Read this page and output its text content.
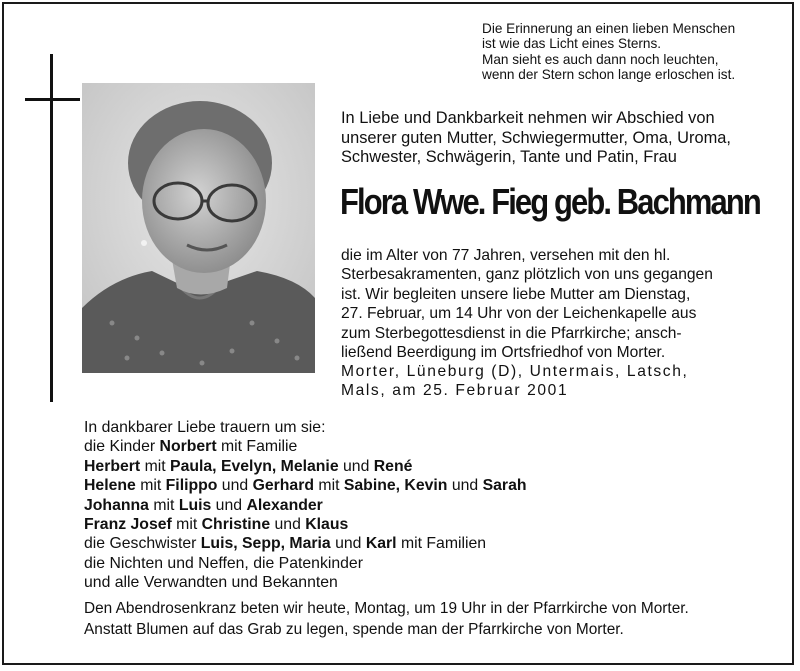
Die Erinnerung an einen lieben Menschen
ist wie das Licht eines Sterns.
Man sieht es auch dann noch leuchten,
wenn der Stern schon lange erloschen ist.
In Liebe und Dankbarkeit nehmen wir Abschied von
unserer guten Mutter, Schwiegermutter, Oma, Uroma,
Schwester, Schwägerin, Tante und Patin, Frau
Flora Wwe. Fieg geb. Bachmann
die im Alter von 77 Jahren, versehen mit den hl.
Sterbesakramenten, ganz plötzlich von uns gegangen
ist. Wir begleiten unsere liebe Mutter am Dienstag,
27. Februar, um 14 Uhr von der Leichenkapelle aus
zum Sterbegottesdienst in die Pfarrkirche; ansch-
ließend Beerdigung im Ortsfriedhof von Morter.
Morter, Lüneburg (D), Untermais, Latsch,
Mals, am 25. Februar 2001
In dankbarer Liebe trauern um sie:
die Kinder Norbert mit Familie
Herbert mit Paula, Evelyn, Melanie und René
Helene mit Filippo und Gerhard mit Sabine, Kevin und Sarah
Johanna mit Luis und Alexander
Franz Josef mit Christine und Klaus
die Geschwister Luis, Sepp, Maria und Karl mit Familien
die Nichten und Neffen, die Patenkinder
und alle Verwandten und Bekannten
Den Abendrosenkranz beten wir heute, Montag, um 19 Uhr in der Pfarrkirche von Morter.
Anstatt Blumen auf das Grab zu legen, spende man der Pfarrkirche von Morter.
